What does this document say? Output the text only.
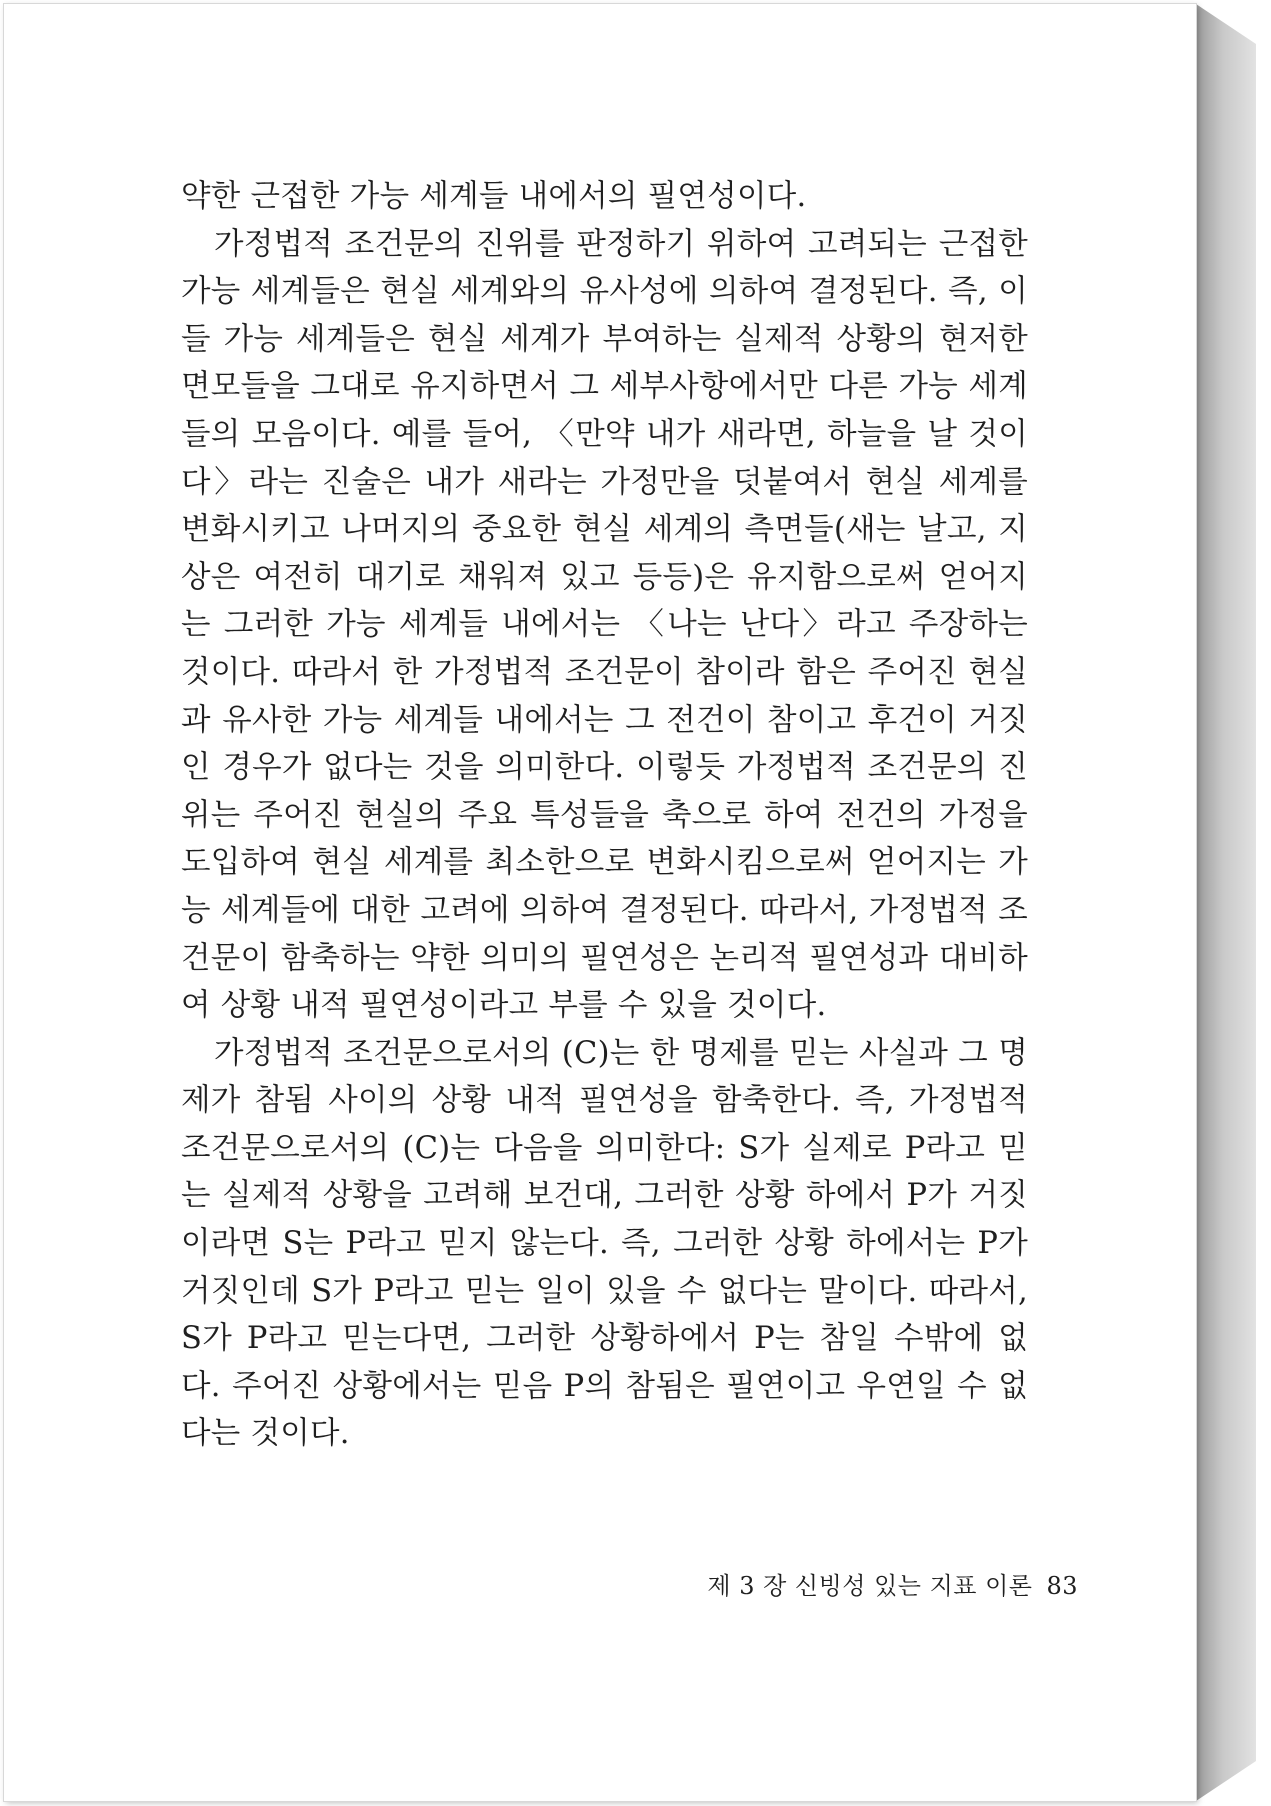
약한 근접한 가능 세계들 내에서의 필연성이다.

가정법적 조건문의 진위를 판정하기 위하여 고려되는 근접한 가능 세계들은 현실 세계와의 유사성에 의하여 결정된다. 즉, 이들 가능 세계들은 현실 세계가 부여하는 실제적 상황의 현저한 면모들을 그대로 유지하면서 그 세부사항에서만 다른 가능 세계들의 모음이다. 예를 들어, 〈만약 내가 새라면, 하늘을 날 것이다〉라는 진술은 내가 새라는 가정만을 덧붙여서 현실 세계를 변화시키고 나머지의 중요한 현실 세계의 측면들(새는 날고, 지상은 여전히 대기로 채워져 있고 등등)은 유지함으로써 얻어지는 그러한 가능 세계들 내에서는 〈나는 난다〉라고 주장하는 것이다. 따라서 한 가정법적 조건문이 참이라 함은 주어진 현실과 유사한 가능 세계들 내에서는 그 전건이 참이고 후건이 거짓인 경우가 없다는 것을 의미한다. 이렇듯 가정법적 조건문의 진위는 주어진 현실의 주요 특성들을 축으로 하여 전건의 가정을 도입하여 현실 세계를 최소한으로 변화시킴으로써 얻어지는 가능 세계들에 대한 고려에 의하여 결정된다. 따라서, 가정법적 조건문이 함축하는 약한 의미의 필연성은 논리적 필연성과 대비하여 상황 내적 필연성이라고 부를 수 있을 것이다.

가정법적 조건문으로서의 (C)는 한 명제를 믿는 사실과 그 명제가 참됨 사이의 상황 내적 필연성을 함축한다. 즉, 가정법적 조건문으로서의 (C)는 다음을 의미한다: S가 실제로 P라고 믿는 실제적 상황을 고려해 보건대, 그러한 상황 하에서 P가 거짓이라면 S는 P라고 믿지 않는다. 즉, 그러한 상황 하에서는 P가 거짓인데 S가 P라고 믿는 일이 있을 수 없다는 말이다. 따라서, S가 P라고 믿는다면, 그러한 상황하에서 P는 참일 수밖에 없다. 주어진 상황에서는 믿음 P의 참됨은 필연이고 우연일 수 없다는 것이다.

제 3 장 신빙성 있는 지표 이론 83
